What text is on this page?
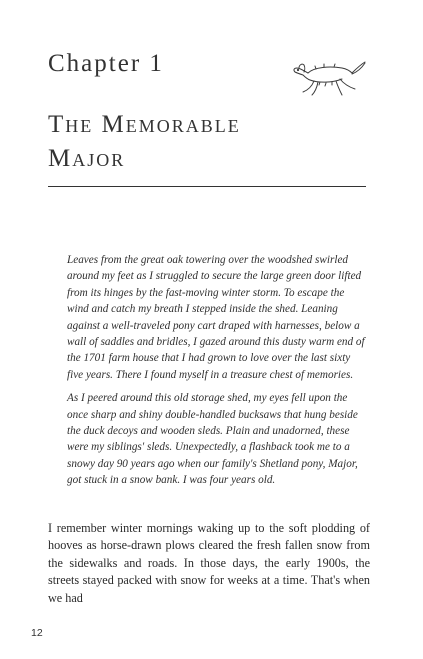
Chapter 1
The Memorable
Major

Leaves from the great oak towering over the woodshed swirled around my feet as I struggled to secure the large green door lifted from its hinges by the fast-moving winter storm. To escape the wind and catch my breath I stepped inside the shed. Leaning against a well-traveled pony cart draped with harnesses, below a wall of saddles and bridles, I gazed around this dusty warm end of the 1701 farm house that I had grown to love over the last sixty five years. There I found myself in a treasure chest of memories.

As I peered around this old storage shed, my eyes fell upon the once sharp and shiny double-handled bucksaws that hung beside the duck decoys and wooden sleds. Plain and unadorned, these were my siblings' sleds. Unexpectedly, a flashback took me to a snowy day 90 years ago when our family's Shetland pony, Major, got stuck in a snow bank. I was four years old.

I remember winter mornings waking up to the soft plodding of hooves as horse-drawn plows cleared the fresh fallen snow from the sidewalks and roads. In those days, the early 1900s, the streets stayed packed with snow for weeks at a time. That's when we had

12
